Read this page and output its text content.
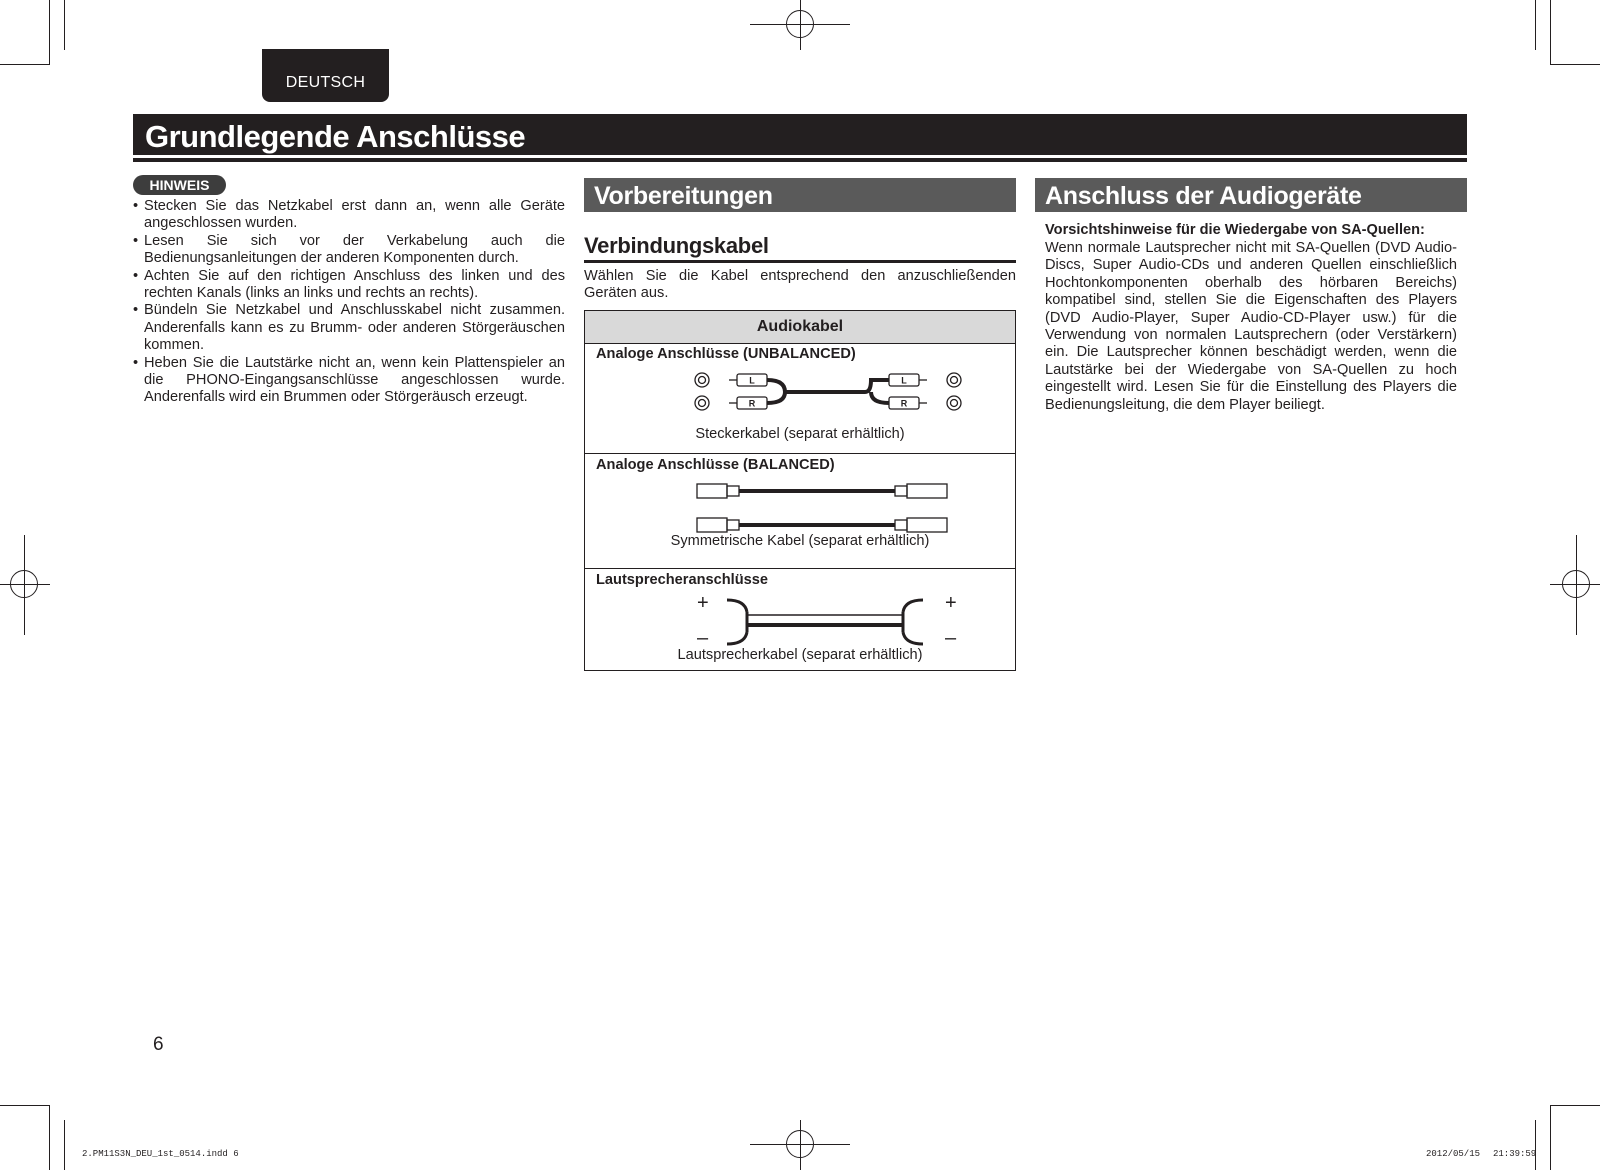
DEUTSCH
Grundlegende Anschlüsse
HINWEIS
• Stecken Sie das Netzkabel erst dann an, wenn alle Geräte angeschlossen wurden.
• Lesen Sie sich vor der Verkabelung auch die Bedienungsanleitungen der anderen Komponenten durch.
• Achten Sie auf den richtigen Anschluss des linken und des rechten Kanals (links an links und rechts an rechts).
• Bündeln Sie Netzkabel und Anschlusskabel nicht zusammen. Anderenfalls kann es zu Brumm- oder anderen Störgeräuschen kommen.
• Heben Sie die Lautstärke nicht an, wenn kein Plattenspieler an die PHONO-Eingangsanschlüsse angeschlossen wurde. Anderenfalls wird ein Brummen oder Störgeräusch erzeugt.
Vorbereitungen
Verbindungskabel

Wählen Sie die Kabel entsprechend den anzuschließenden Geräten aus.

Audiokabel
Analoge Anschlüsse (UNBALANCED)
L
R
L
R
Steckerkabel (separat erhältlich)
Analoge Anschlüsse (BALANCED)
Symmetrische Kabel (separat erhältlich)
Lautsprecheranschlüsse
+	+
–	–
Lautsprecherkabel (separat erhältlich)
Anschluss der Audiogeräte
Vorsichtshinweise für die Wiedergabe von SA-Quellen:

Wenn normale Lautsprecher nicht mit SA-Quellen (DVD Audio-Discs, Super Audio-CDs und anderen Quellen einschließlich Hochtonkomponenten oberhalb des hörbaren Bereichs) kompatibel sind, stellen Sie die Eigenschaften des Players (DVD Audio-Player, Super Audio-CD-Player usw.) für die Verwendung von normalen Lautsprechern (oder Verstärkern) ein. Die Lautsprecher können beschädigt werden, wenn die Lautstärke bei der Wiedergabe von SA-Quellen zu hoch eingestellt wird. Lesen Sie für die Einstellung des Players die Bedienungsleitung, die dem Player beiliegt.

6
2.PM11S3N_DEU_1st_0514.indd 6	2012/05/15 21:39:59
